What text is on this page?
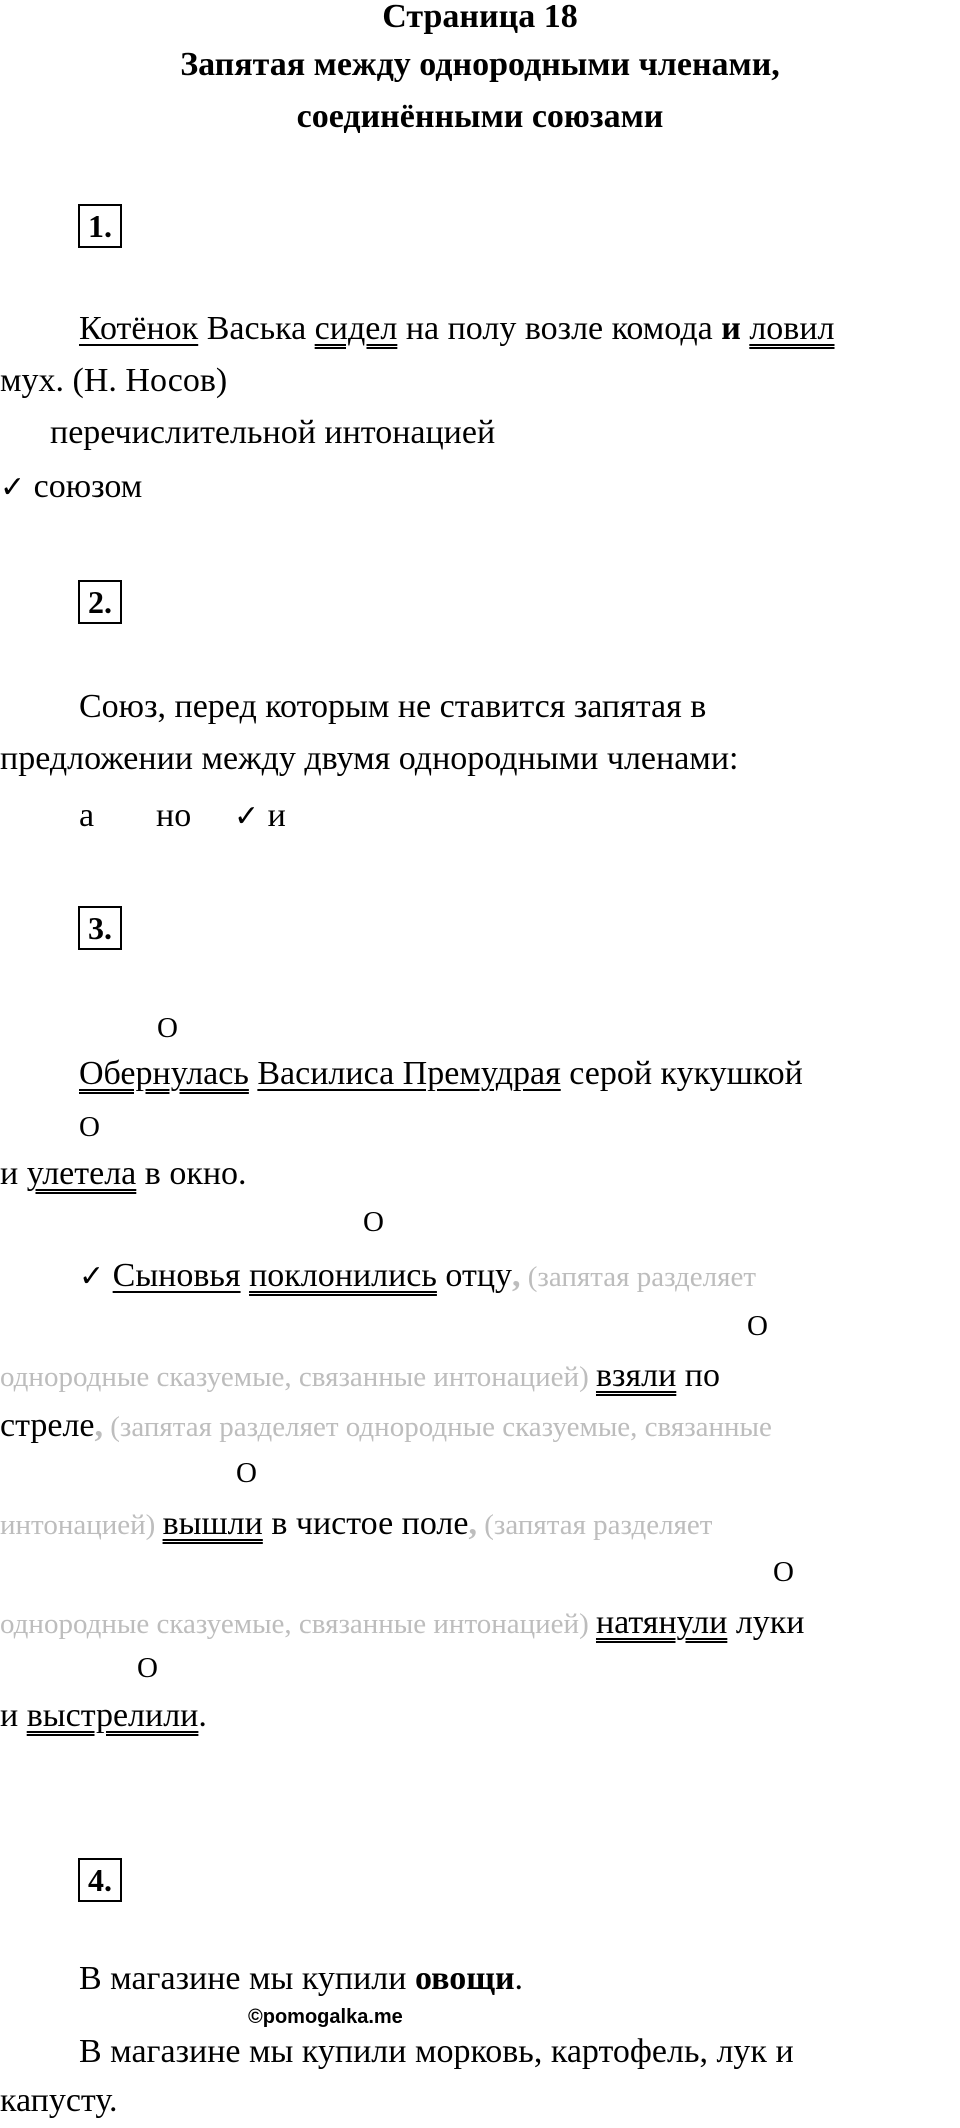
Страница 18
Запятая между однородными членами,
соединёнными союзами
1.
Котёнок Васька сидел на полу возле комода и ловил
мух. (Н. Носов)
перечислительной интонацией
✓ союзом
2.
Союз, перед которым не ставится запятая в
предложении между двумя однородными членами:
а но ✓ и
3.
О
Обернулась Василиса Премудрая серой кукушкой
О
и улетела в окно.
О
✓ Сыновья поклонились отцу, (запятая разделяет
О
однородные сказуемые, связанные интонацией) взяли по
стреле, (запятая разделяет однородные сказуемые, связанные
О
интонацией) вышли в чистое поле, (запятая разделяет
О
однородные сказуемые, связанные интонацией) натянули луки
О
и выстрелили.
4.
В магазине мы купили овощи.
©pomogalka.me
В магазине мы купили морковь, картофель, лук и
капусту.
